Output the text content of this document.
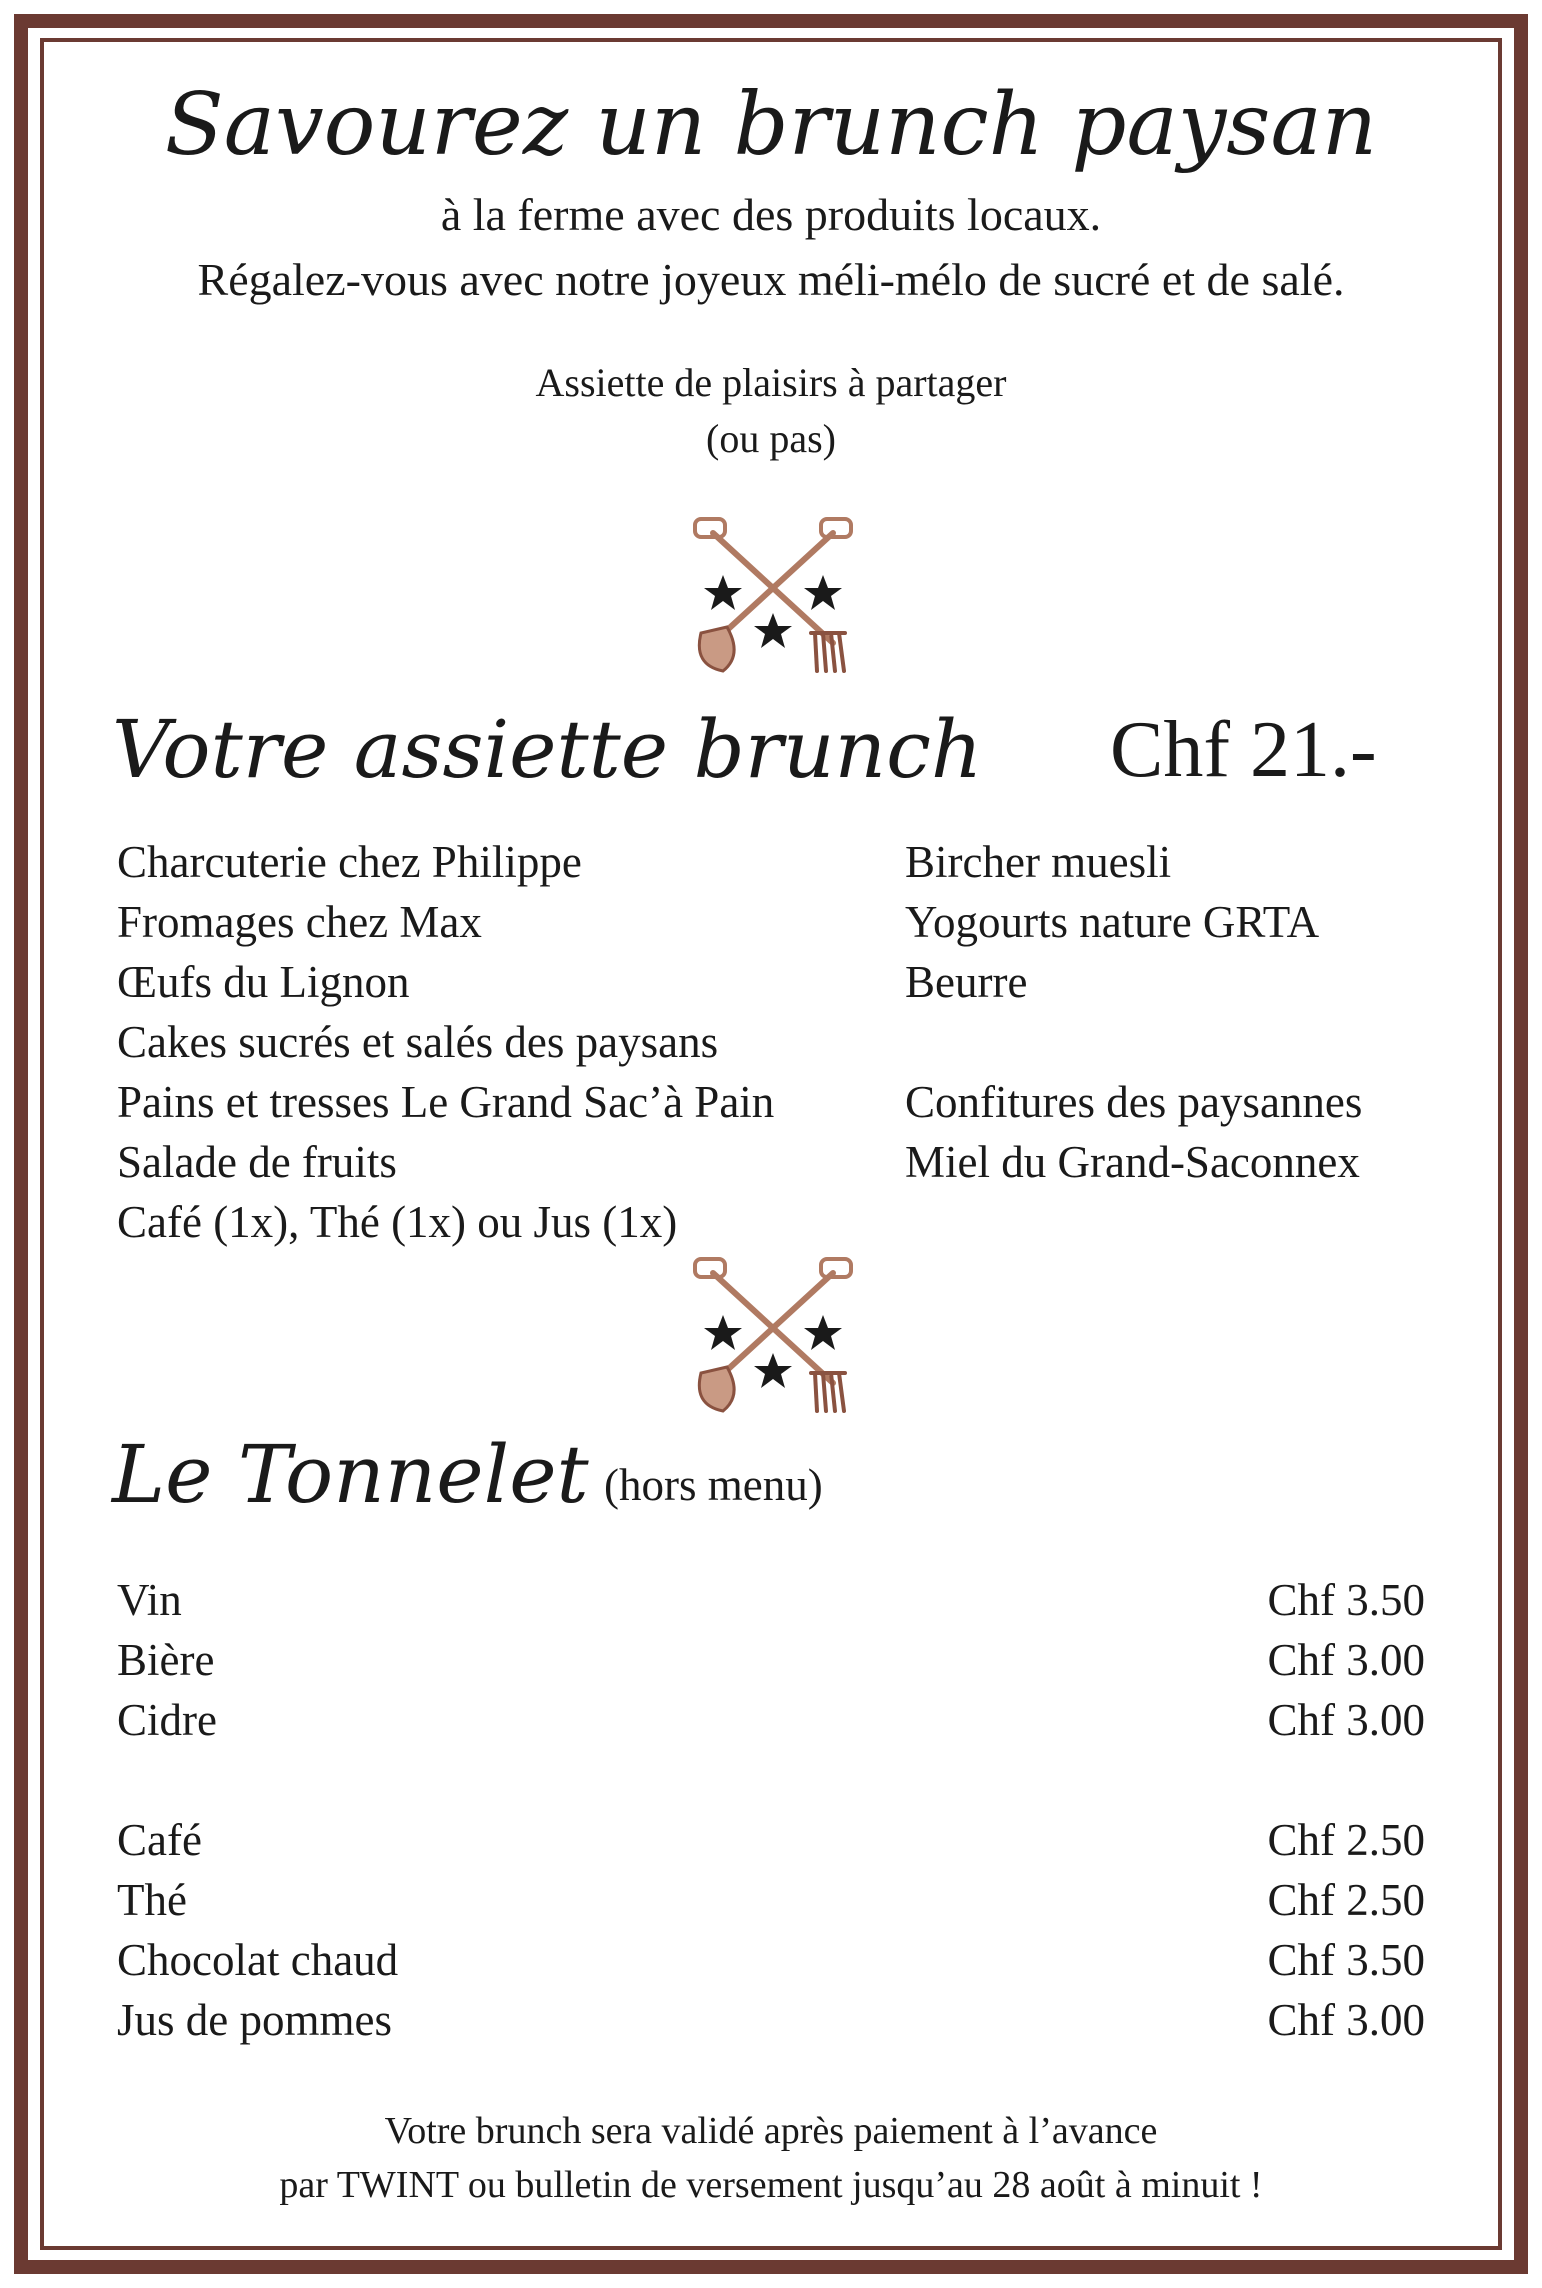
Savourez un brunch paysan
à la ferme avec des produits locaux.
Régalez-vous avec notre joyeux méli-mélo de sucré et de salé.
Assiette de plaisirs à partager
(ou pas)
Votre assiette brunch Chf 21.-
Charcuterie chez Philippe
Fromages chez Max
Œufs du Lignon
Cakes sucrés et salés des paysans
Pains et tresses Le Grand Sac’à Pain
Salade de fruits
Café (1x), Thé (1x) ou Jus (1x)
Bircher muesli
Yogourts nature GRTA
Beurre
Confitures des paysannes
Miel du Grand-Saconnex
Le Tonnelet (hors menu)
Vin	Chf 3.50
Bière	Chf 3.00
Cidre	Chf 3.00
Café	Chf 2.50
Thé	Chf 2.50
Chocolat chaud	Chf 3.50
Jus de pommes	Chf 3.00
Votre brunch sera validé après paiement à l’avance
par TWINT ou bulletin de versement jusqu’au 28 août à minuit !
